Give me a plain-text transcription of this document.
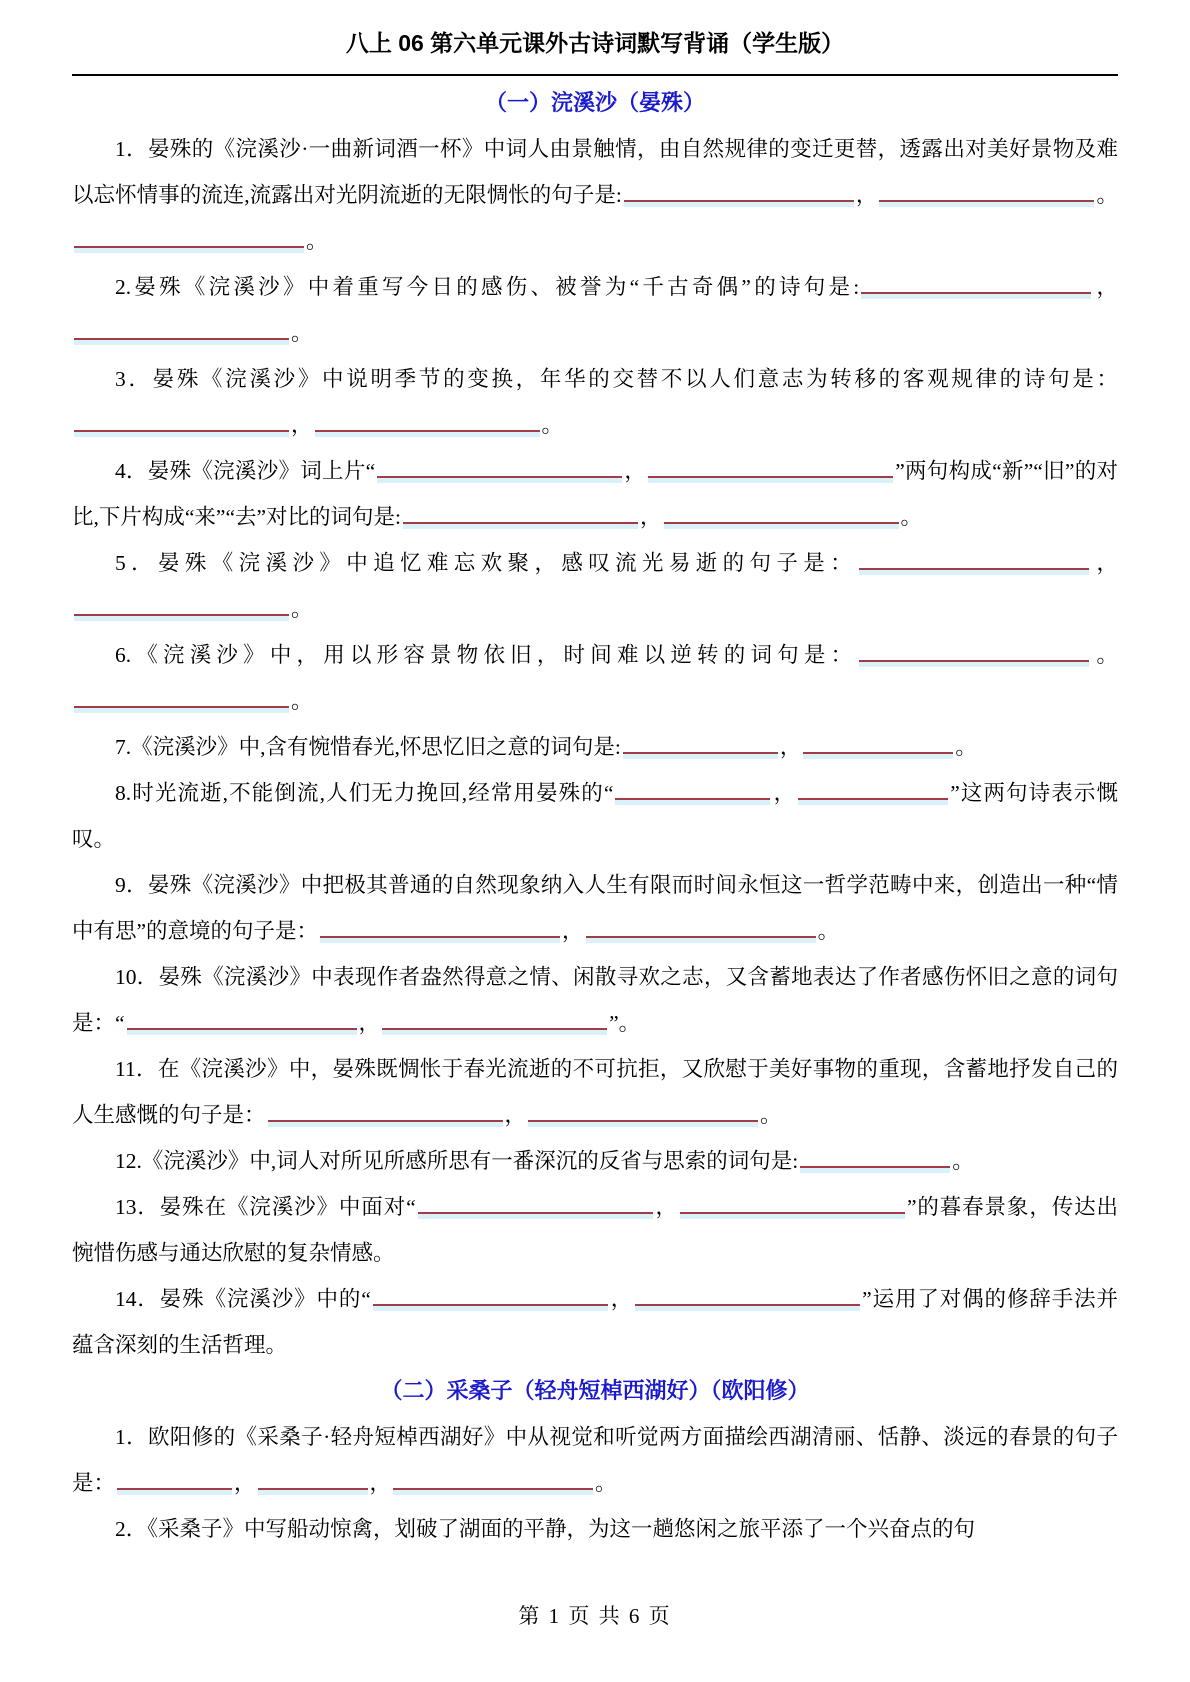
八上 06 第六单元课外古诗词默写背诵（学生版）
（一）浣溪沙（晏殊）

1．晏殊的《浣溪沙·一曲新词酒一杯》中词人由景触情，由自然规律的变迁更替，透露出对美好景物及难以忘怀情事的流连,流露出对光阴流逝的无限惆怅的句子是:	，	。。

2.晏殊《浣溪沙》中着重写今日的感伤、被誉为“千古奇偶”的诗句是:	，。

3．晏殊《浣溪沙》中说明季节的变换，年华的交替不以人们意志为转移的客观规律的诗句是：，	。

4．晏殊《浣溪沙》词上片“	，	”两句构成“新”“旧”的对比,下片构成“来”“去”对比的词句是:	，	。

5．晏殊《浣溪沙》中追忆难忘欢聚，感叹流光易逝的句子是：	，。

6.《浣溪沙》中，用以形容景物依旧，时间难以逆转的词句是：	。。

7.《浣溪沙》中,含有惋惜春光,怀思忆旧之意的词句是:	，	。

8.时光流逝,不能倒流,人们无力挽回,经常用晏殊的“	，	”这两句诗表示慨叹。

9．晏殊《浣溪沙》中把极其普通的自然现象纳入人生有限而时间永恒这一哲学范畴中来，创造出一种“情中有思”的意境的句子是：	，	。

10．晏殊《浣溪沙》中表现作者盎然得意之情、闲散寻欢之志，又含蓄地表达了作者感伤怀旧之意的词句是：“	，	”。

11．在《浣溪沙》中，晏殊既惆怅于春光流逝的不可抗拒，又欣慰于美好事物的重现，含蓄地抒发自己的人生感慨的句子是：	，	。

12.《浣溪沙》中,词人对所见所感所思有一番深沉的反省与思索的词句是:	。

13．晏殊在《浣溪沙》中面对“	，	”的暮春景象，传达出惋惜伤感与通达欣慰的复杂情感。

14．晏殊《浣溪沙》中的“	，	”运用了对偶的修辞手法并蕴含深刻的生活哲理。

（二）采桑子（轻舟短棹西湖好）（欧阳修）

1．欧阳修的《采桑子·轻舟短棹西湖好》中从视觉和听觉两方面描绘西湖清丽、恬静、淡远的春景的句子是：	，	，	。

2．《采桑子》中写船动惊禽，划破了湖面的平静，为这一趟悠闲之旅平添了一个兴奋点的句

第 1 页 共 6 页
